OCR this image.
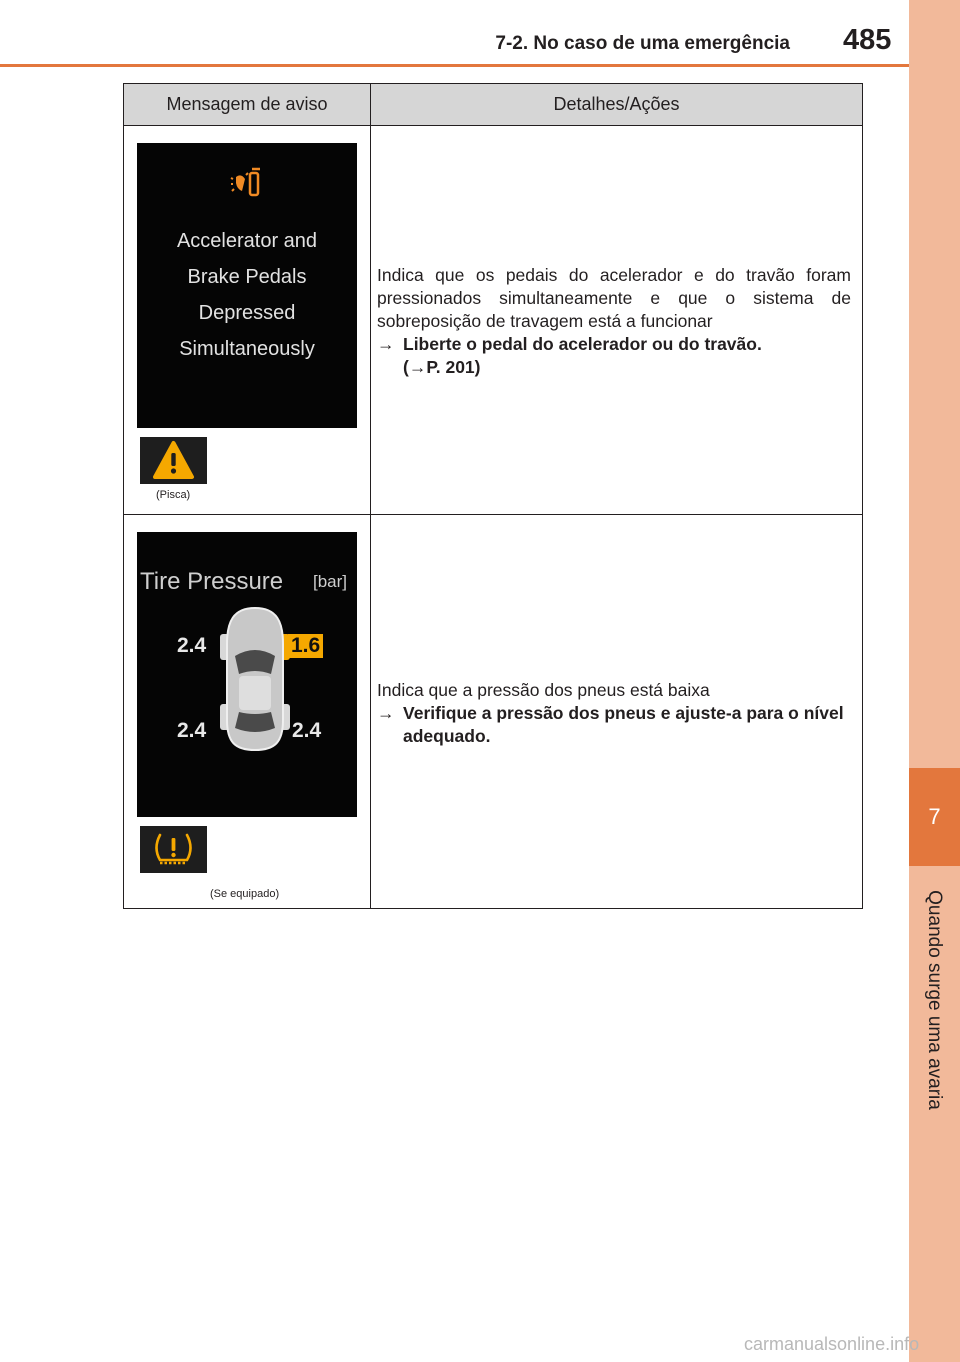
7
Quando surge uma avaria
7-2. No caso de uma emergência 485
Mensagem de aviso	Detalhes/Ações
Accelerator and
Brake Pedals
Depressed
Simultaneously
(Pisca)
Indica que os pedais do acelerador e do travão foram pressionados simultaneamente e que o sistema de sobreposição de travagem está a funcionar
→ Liberte o pedal do acelerador ou do travão.
(→P. 201)
Tire Pressure [bar]
2.4	1.6
2.4	2.4
(Se equipado)
Indica que a pressão dos pneus está baixa
→ Verifique a pressão dos pneus e ajuste-a para o nível
adequado.
carmanualsonline.info
